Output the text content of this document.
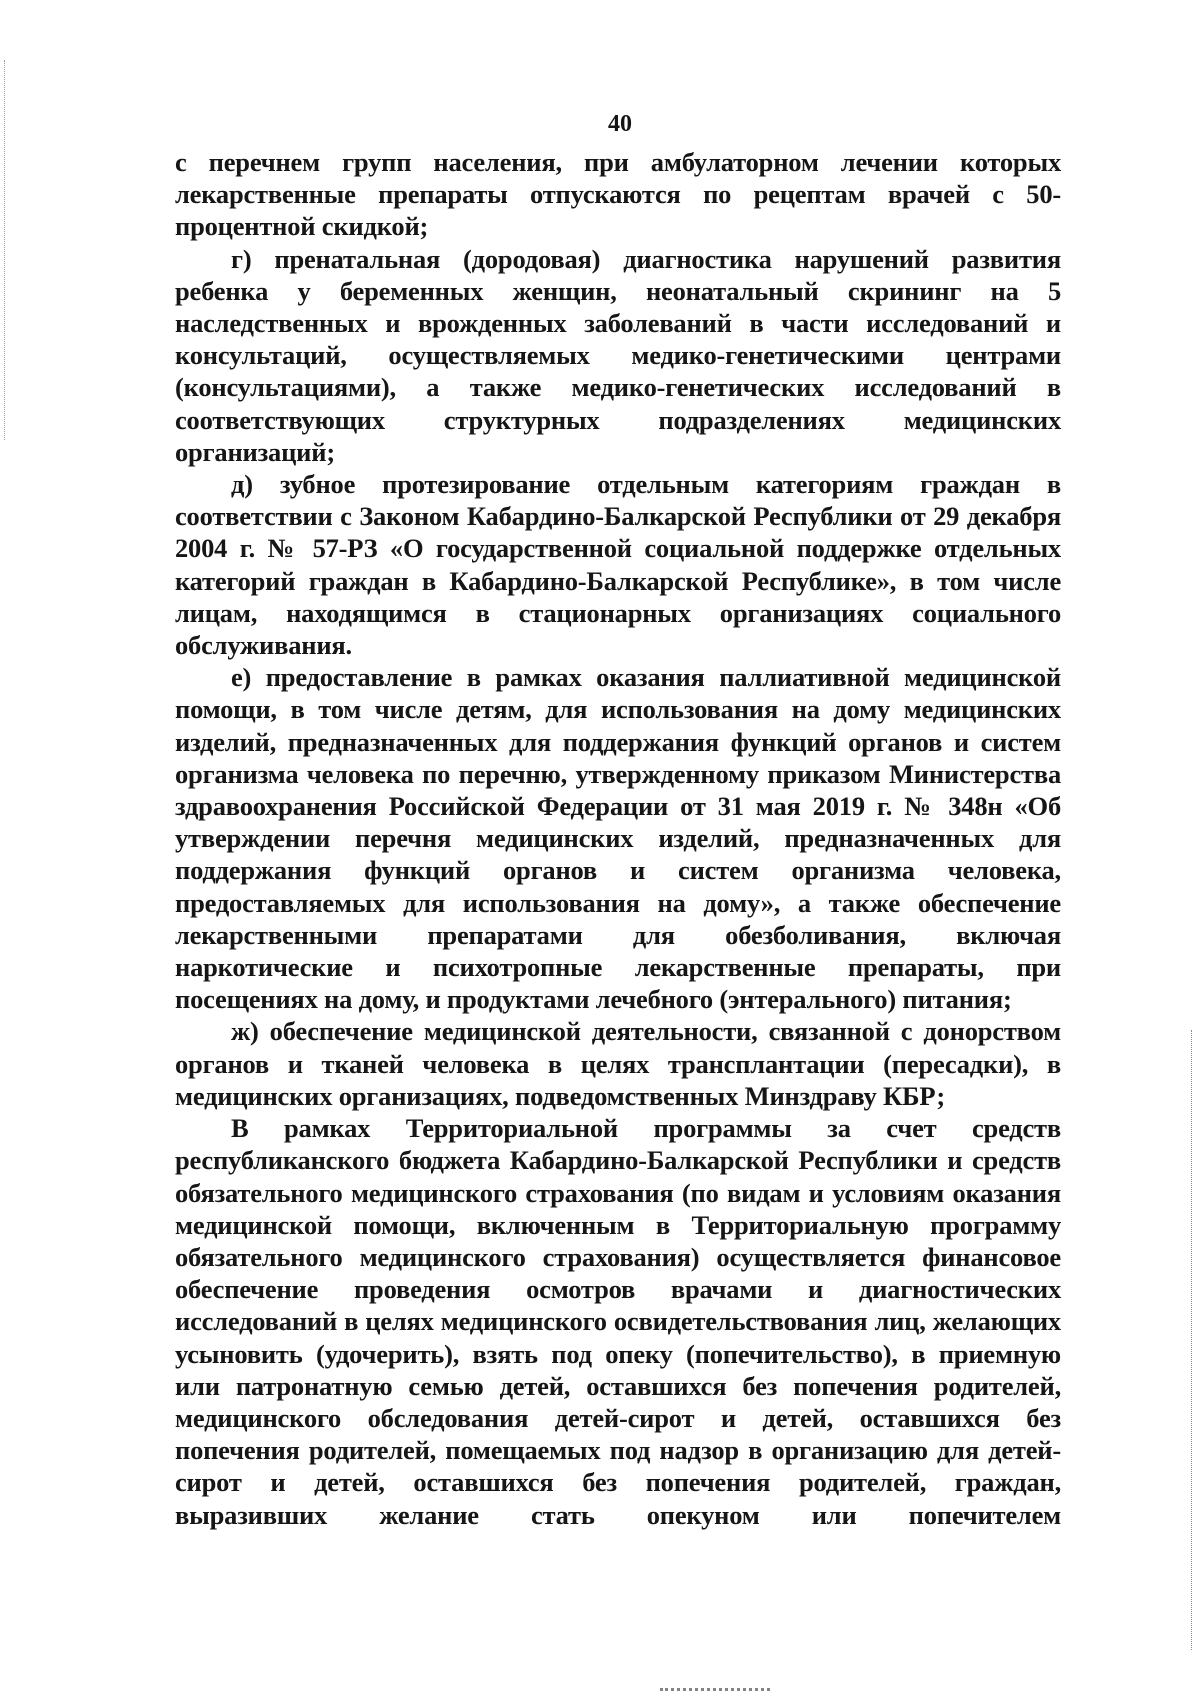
40

с перечнем групп населения, при амбулаторном лечении которых лекарственные препараты отпускаются по рецептам врачей с 50-процентной скидкой;

г) пренатальная (дородовая) диагностика нарушений развития ребенка у беременных женщин, неонатальный скрининг на 5 наследственных и врожденных заболеваний в части исследований и консультаций, осуществляемых медико-генетическими центрами (консультациями), а также медико-генетических исследований в соответствующих структурных подразделениях медицинских организаций;

д) зубное протезирование отдельным категориям граждан в соответствии с Законом Кабардино-Балкарской Республики от 29 декабря 2004 г. № 57-РЗ «О государственной социальной поддержке отдельных категорий граждан в Кабардино-Балкарской Республике», в том числе лицам, находящимся в стационарных организациях социального обслуживания.

е) предоставление в рамках оказания паллиативной медицинской помощи, в том числе детям, для использования на дому медицинских изделий, предназначенных для поддержания функций органов и систем организма человека по перечню, утвержденному приказом Министерства здравоохранения Российской Федерации от 31 мая 2019 г. № 348н «Об утверждении перечня медицинских изделий, предназначенных для поддержания функций органов и систем организма человека, предоставляемых для использования на дому», а также обеспечение лекарственными препаратами для обезболивания, включая наркотические и психотропные лекарственные препараты, при посещениях на дому, и продуктами лечебного (энтерального) питания;

ж) обеспечение медицинской деятельности, связанной с донорством органов и тканей человека в целях трансплантации (пересадки), в медицинских организациях, подведомственных Минздраву КБР;

В рамках Территориальной программы за счет средств республиканского бюджета Кабардино-Балкарской Республики и средств обязательного медицинского страхования (по видам и условиям оказания медицинской помощи, включенным в Территориальную программу обязательного медицинского страхования) осуществляется финансовое обеспечение проведения осмотров врачами и диагностических исследований в целях медицинского освидетельствования лиц, желающих усыновить (удочерить), взять под опеку (попечительство), в приемную или патронатную семью детей, оставшихся без попечения родителей, медицинского обследования детей-сирот и детей, оставшихся без попечения родителей, помещаемых под надзор в организацию для детей-сирот и детей, оставшихся без попечения родителей, граждан, выразивших желание стать опекуном или попечителем
